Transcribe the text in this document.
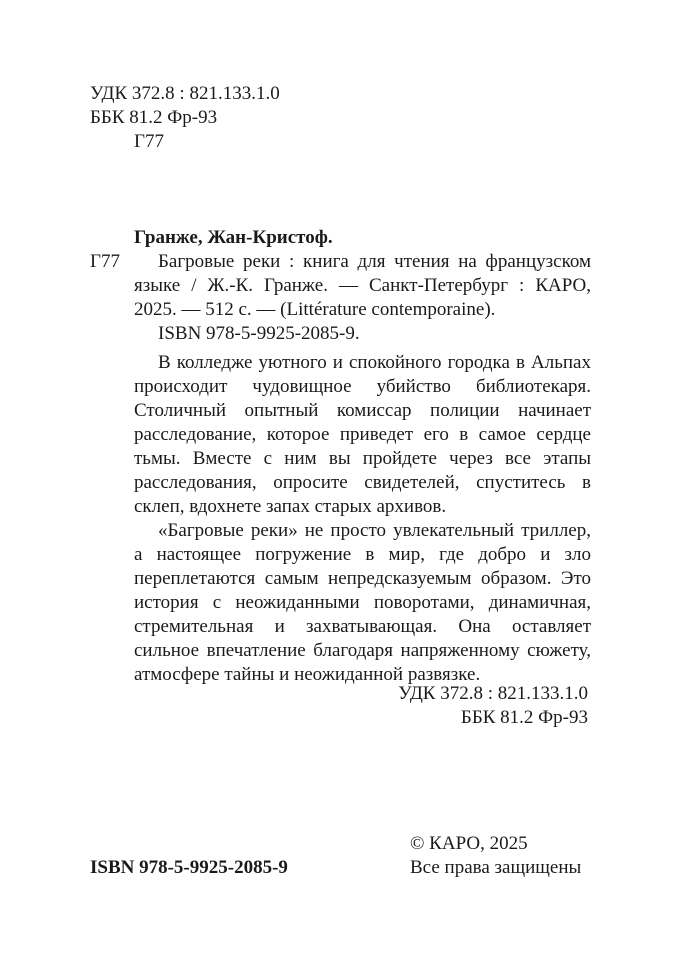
УДК 372.8 : 821.133.1.0
ББК 81.2 Фр-93
Г77
Гранже, Жан-Кристоф.
Г77	Багровые реки : книга для чтения на французском языке / Ж.-К. Гранже. — Санкт-Петербург : КАРО, 2025. — 512 с. — (Littérature contemporaine).

ISBN 978-5-9925-2085-9.

В колледже уютного и спокойного городка в Альпах происходит чудовищное убийство библиотекаря. Столичный опытный комиссар полиции начинает расследование, которое приведет его в самое сердце тьмы. Вместе с ним вы пройдете через все этапы расследования, опросите свидетелей, спуститесь в склеп, вдохнете запах старых архивов.

«Багровые реки» не просто увлекательный триллер, а настоящее погружение в мир, где добро и зло переплетаются самым непредсказуемым образом. Это история с неожиданными поворотами, динамичная, стремительная и захватывающая. Она оставляет сильное впечатление благодаря напряженному сюжету, атмосфере тайны и неожиданной развязке.

УДК 372.8 : 821.133.1.0
ББК 81.2 Фр-93
ISBN 978-5-9925-2085-9
© КАРО, 2025
Все права защищены
